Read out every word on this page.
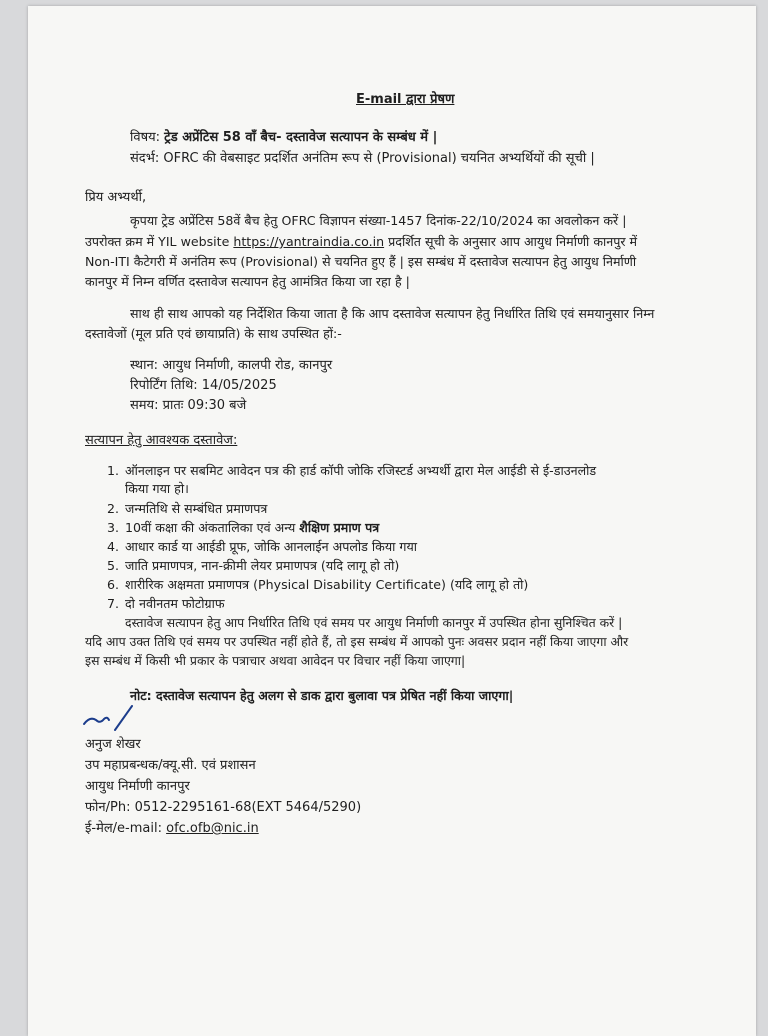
E-mail द्वारा प्रेषण
विषय: ट्रेड अप्रेंटिस 58 वाँ बैच- दस्तावेज सत्यापन के सम्बंध में |
संदर्भ: OFRC की वेबसाइट प्रदर्शित अनंतिम रूप से (Provisional) चयनित अभ्यर्थियों की सूची |
प्रिय अभ्यर्थी,
कृपया ट्रेड अप्रेंटिस 58वें बैच हेतु OFRC विज्ञापन संख्या-1457 दिनांक-22/10/2024 का अवलोकन करें |
उपरोक्त क्रम में YIL website https://yantraindia.co.in प्रदर्शित सूची के अनुसार आप आयुध निर्माणी कानपुर में
Non-ITI कैटेगरी में अनंतिम रूप (Provisional) से चयनित हुए हैं | इस सम्बंध में दस्तावेज सत्यापन हेतु आयुध निर्माणी
कानपुर में निम्न वर्णित दस्तावेज सत्यापन हेतु आमंत्रित किया जा रहा है |
साथ ही साथ आपको यह निर्देशित किया जाता है कि आप दस्तावेज सत्यापन हेतु निर्धारित तिथि एवं समयानुसार निम्न
दस्तावेजों (मूल प्रति एवं छायाप्रति) के साथ उपस्थित हों:-
स्थान: आयुध निर्माणी, कालपी रोड, कानपुर
रिपोर्टिंग तिथि: 14/05/2025
समय: प्रातः 09:30 बजे
सत्यापन हेतु आवश्यक दस्तावेज:
1. ऑनलाइन पर सबमिट आवेदन पत्र की हार्ड कॉपी जोकि रजिस्टर्ड अभ्यर्थी द्वारा मेल आईडी से ई-डाउनलोड
किया गया हो।
2. जन्मतिथि से सम्बंधित प्रमाणपत्र
3. 10वीं कक्षा की अंकतालिका एवं अन्य शैक्षिण प्रमाण पत्र
4. आधार कार्ड या आईडी प्रूफ, जोकि आनलाईन अपलोड किया गया
5. जाति प्रमाणपत्र, नान-क्रीमी लेयर प्रमाणपत्र (यदि लागू हो तो)
6. शारीरिक अक्षमता प्रमाणपत्र (Physical Disability Certificate) (यदि लागू हो तो)
7. दो नवीनतम फोटोग्राफ
दस्तावेज सत्यापन हेतु आप निर्धारित तिथि एवं समय पर आयुध निर्माणी कानपुर में उपस्थित होना सुनिश्चित करें |
यदि आप उक्त तिथि एवं समय पर उपस्थित नहीं होते हैं, तो इस सम्बंध में आपको पुनः अवसर प्रदान नहीं किया जाएगा और
इस सम्बंध में किसी भी प्रकार के पत्राचार अथवा आवेदन पर विचार नहीं किया जाएगा|
नोट: दस्तावेज सत्यापन हेतु अलग से डाक द्वारा बुलावा पत्र प्रेषित नहीं किया जाएगा|
अनुज शेखर
उप महाप्रबन्धक/क्यू.सी. एवं प्रशासन
आयुध निर्माणी कानपुर
फोन/Ph: 0512-2295161-68(EXT 5464/5290)
ई-मेल/e-mail: ofc.ofb@nic.in
